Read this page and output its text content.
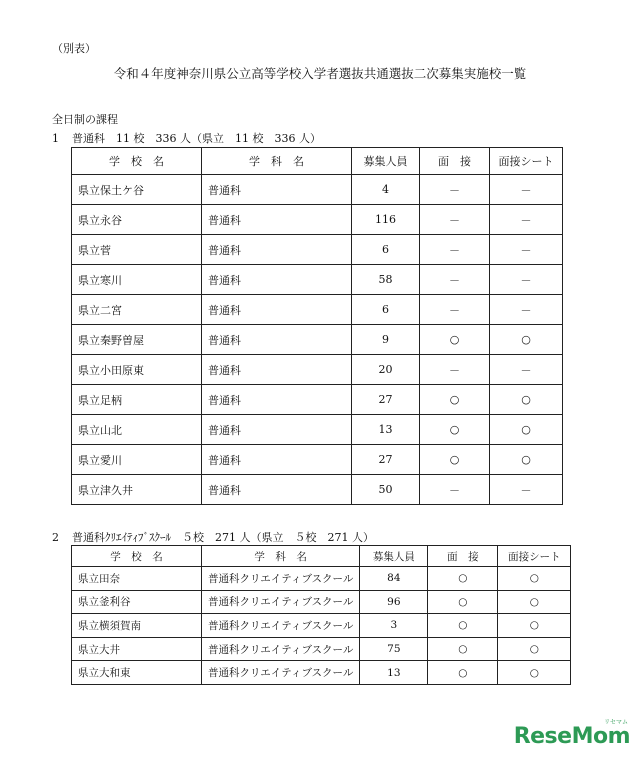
（別表）
令和４年度神奈川県公立高等学校入学者選抜共通選抜二次募集実施校一覧
全日制の課程
1 普通科　11 校　336 人（県立　11 校　336 人）
学　校　名	学　科　名	募集人員	面　接	面接シート
県立保土ケ谷	普通科	4	－	－
県立永谷	普通科	116	－	－
県立菅	普通科	6	－	－
県立寒川	普通科	58	－	－
県立二宮	普通科	6	－	－
県立秦野曽屋	普通科	9	○	○
県立小田原東	普通科	20	－	－
県立足柄	普通科	27	○	○
県立山北	普通科	13	○	○
県立愛川	普通科	27	○	○
県立津久井	普通科	50	－	－
2 普通科ｸﾘｴｲﾃｨﾌﾞｽｸｰﾙ　５校　271 人（県立　５校　271 人）
学　校　名	学　科　名	募集人員	面　接	面接シート
県立田奈	普通科クリエイティブスクール	84	○	○
県立釜利谷	普通科クリエイティブスクール	96	○	○
県立横須賀南	普通科クリエイティブスクール	3	○	○
県立大井	普通科クリエイティブスクール	75	○	○
県立大和東	普通科クリエイティブスクール	13	○	○
リセマム
ReseMom
